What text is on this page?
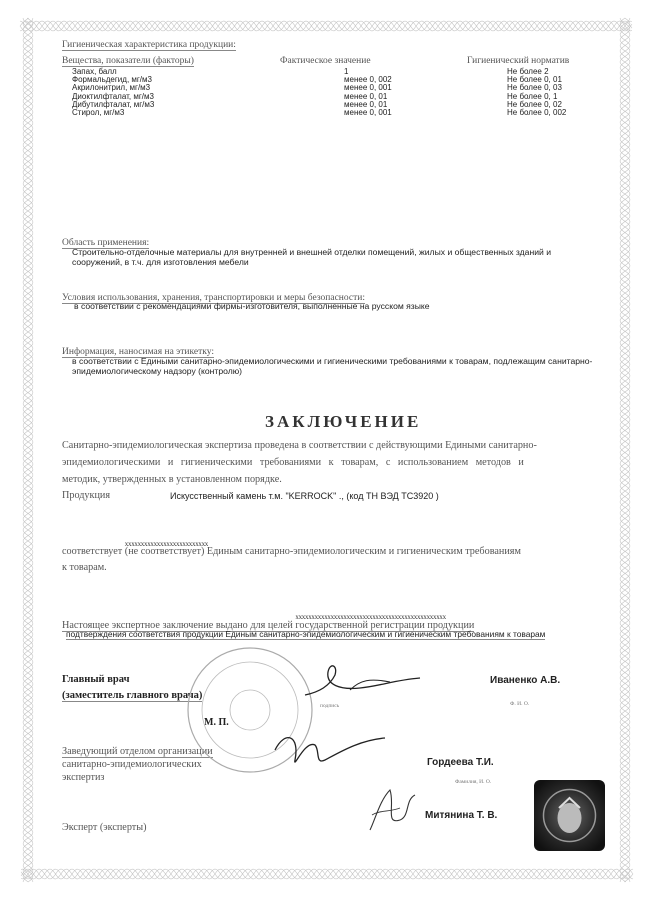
Гигиеническая характеристика продукции:
Вещества, показатели (факторы)	Фактическое значение	Гигиенический норматив
Запах, балл	1	Не более 2
Формальдегид, мг/м3	менее 0, 002	Не более 0, 01
Акрилонитрил, мг/м3	менее 0, 001	Не более 0, 03
Диоктилфталат, мг/м3	менее 0, 01	Не более 0, 1
Дибутилфталат, мг/м3	менее 0, 01	Не более 0, 02
Стирол, мг/м3	менее 0, 001	Не более 0, 002
Область применения:
Строительно-отделочные материалы для внутренней и внешней отделки помещений, жилых и общественных зданий и
сооружений, в т.ч. для изготовления мебели
Условия использования, хранения, транспортировки и меры безопасности:
в соответствии с рекомендациями фирмы-изготовителя, выполненные на русском языке
Информация, наносимая на этикетку:
в соответствии с Едиными санитарно-эпидемиологическими и гигиеническими требованиями к товарам, подлежащим санитарно-
эпидемиологическому надзору (контролю)
ЗАКЛЮЧЕНИЕ
Санитарно-эпидемиологическая экспертиза проведена в соответствии с действующими Едиными санитарно-
эпидемиологическими и гигиеническими требованиями к товарам, с использованием методов и
методик, утвержденных в установленном порядке.
Продукция	Искусственный камень т.м. "KERROCK" ., (код ТН ВЭД ТС3920 )
соответствует (не соответствует)
xxxxxxxxxxxxxxxxxxxxxxxxxx
Единым санитарно-эпидемиологическим и гигиеническим требованиям
к товарам.
Настоящее экспертное заключение выдано для целей государственной регистрации продукции
xxxxxxxxxxxxxxxxxxxxxxxxxxxxxxxxxxxxxxxxxxxxxxx
подтверждения соответствия продукции Единым санитарно-эпидемиологическим и гигиеническим требованиям к товарам
Главный врач
(заместитель главного врача)
М. П.
подпись
Иваненко А.В.
Ф. И. О.
Заведующий отделом организации
санитарно-эпидемиологических
экспертиз
Гордеева Т.И.
Фамилия, И. О.
Эксперт (эксперты)
Митянина Т. В.
